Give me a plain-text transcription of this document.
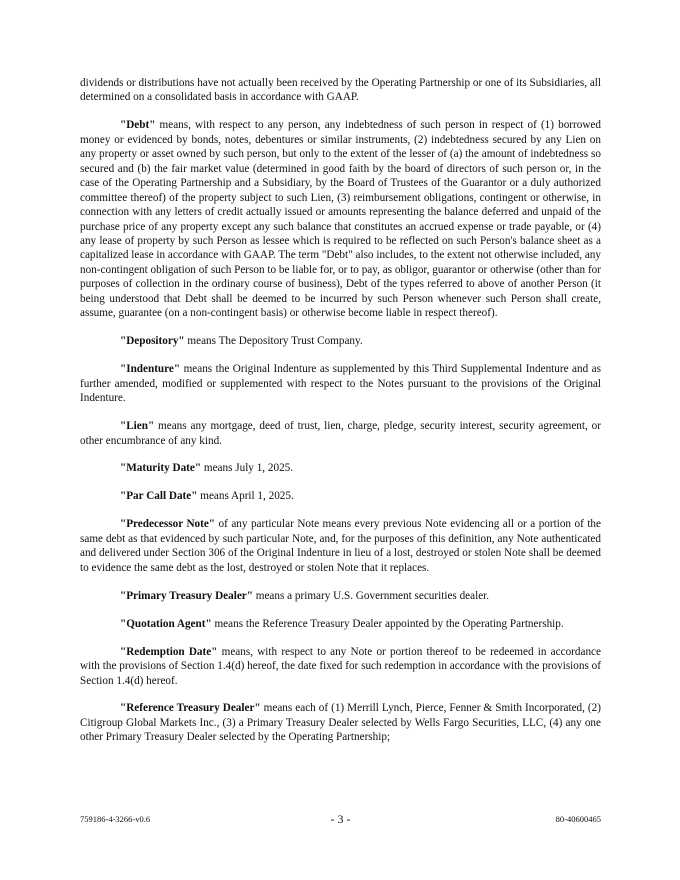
dividends or distributions have not actually been received by the Operating Partnership or one of its Subsidiaries, all determined on a consolidated basis in accordance with GAAP.

"Debt" means, with respect to any person, any indebtedness of such person in respect of (1) borrowed money or evidenced by bonds, notes, debentures or similar instruments, (2) indebtedness secured by any Lien on any property or asset owned by such person, but only to the extent of the lesser of (a) the amount of indebtedness so secured and (b) the fair market value (determined in good faith by the board of directors of such person or, in the case of the Operating Partnership and a Subsidiary, by the Board of Trustees of the Guarantor or a duly authorized committee thereof) of the property subject to such Lien, (3) reimbursement obligations, contingent or otherwise, in connection with any letters of credit actually issued or amounts representing the balance deferred and unpaid of the purchase price of any property except any such balance that constitutes an accrued expense or trade payable, or (4) any lease of property by such Person as lessee which is required to be reflected on such Person's balance sheet as a capitalized lease in accordance with GAAP. The term "Debt" also includes, to the extent not otherwise included, any non-contingent obligation of such Person to be liable for, or to pay, as obligor, guarantor or otherwise (other than for purposes of collection in the ordinary course of business), Debt of the types referred to above of another Person (it being understood that Debt shall be deemed to be incurred by such Person whenever such Person shall create, assume, guarantee (on a non-contingent basis) or otherwise become liable in respect thereof).

"Depository" means The Depository Trust Company.

"Indenture" means the Original Indenture as supplemented by this Third Supplemental Indenture and as further amended, modified or supplemented with respect to the Notes pursuant to the provisions of the Original Indenture.

"Lien" means any mortgage, deed of trust, lien, charge, pledge, security interest, security agreement, or other encumbrance of any kind.

"Maturity Date" means July 1, 2025.

"Par Call Date" means April 1, 2025.

"Predecessor Note" of any particular Note means every previous Note evidencing all or a portion of the same debt as that evidenced by such particular Note, and, for the purposes of this definition, any Note authenticated and delivered under Section 306 of the Original Indenture in lieu of a lost, destroyed or stolen Note shall be deemed to evidence the same debt as the lost, destroyed or stolen Note that it replaces.

"Primary Treasury Dealer" means a primary U.S. Government securities dealer.

"Quotation Agent" means the Reference Treasury Dealer appointed by the Operating Partnership.

"Redemption Date" means, with respect to any Note or portion thereof to be redeemed in accordance with the provisions of Section 1.4(d) hereof, the date fixed for such redemption in accordance with the provisions of Section 1.4(d) hereof.

"Reference Treasury Dealer" means each of (1) Merrill Lynch, Pierce, Fenner & Smith Incorporated, (2) Citigroup Global Markets Inc., (3) a Primary Treasury Dealer selected by Wells Fargo Securities, LLC, (4) any one other Primary Treasury Dealer selected by the Operating Partnership;

759186-4-3266-v0.6	- 3 -	80-40600465
